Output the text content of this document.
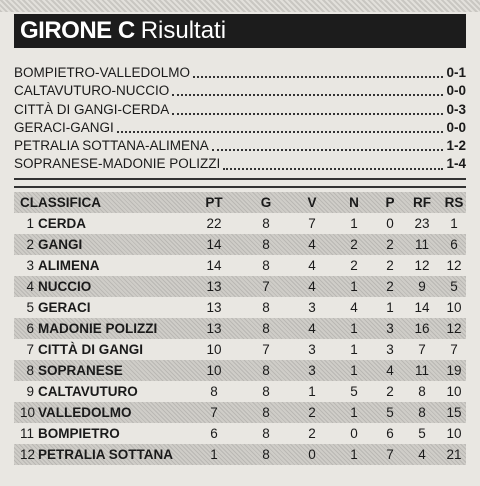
GIRONE C Risultati
BOMPIETRO-VALLEDOLMO	0-1
CALTAVUTURO-NUCCIO	0-0
CITTÀ DI GANGI-CERDA	0-3
GERACI-GANGI	0-0
PETRALIA SOTTANA-ALIMENA	1-2
SOPRANESE-MADONIE POLIZZI	1-4
CLASSIFICA	PT	G	V	N	P	RF	RS
1 CERDA	22	8	7	1	0	23	1
2 GANGI	14	8	4	2	2	11	6
3 ALIMENA	14	8	4	2	2	12	12
4 NUCCIO	13	7	4	1	2	9	5
5 GERACI	13	8	3	4	1	14	10
6 MADONIE POLIZZI	13	8	4	1	3	16	12
7 CITTÀ DI GANGI	10	7	3	1	3	7	7
8 SOPRANESE	10	8	3	1	4	11	19
9 CALTAVUTURO	8	8	1	5	2	8	10
10 VALLEDOLMO	7	8	2	1	5	8	15
11 BOMPIETRO	6	8	2	0	6	5	10
12 PETRALIA SOTTANA	1	8	0	1	7	4	21
